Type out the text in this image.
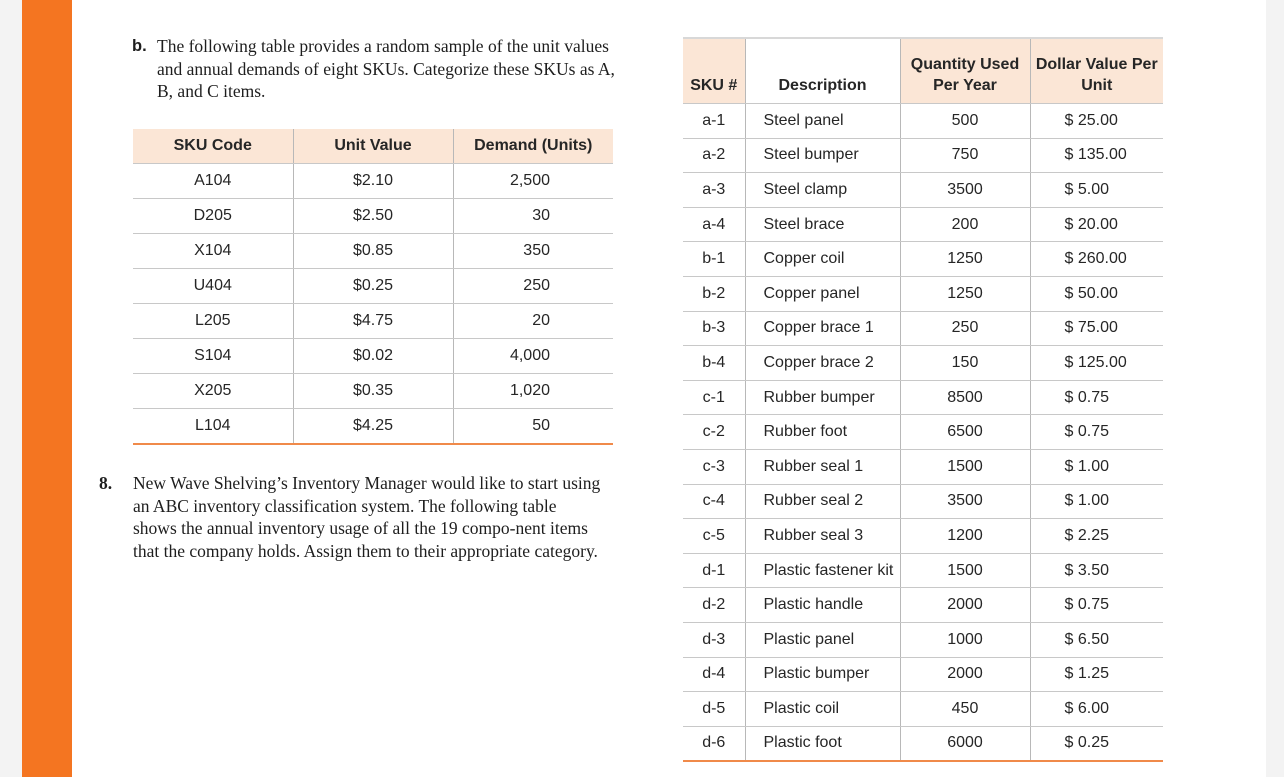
b. The following table provides a random sample of the unit values and annual demands of eight SKUs. Categorize these SKUs as A, B, and C items.
SKU Code	Unit Value	Demand (Units)
A104	$2.10	2,500
D205	$2.50	30
X104	$0.85	350
U404	$0.25	250
L205	$4.75	20
S104	$0.02	4,000
X205	$0.35	1,020
L104	$4.25	50
8. New Wave Shelving’s Inventory Manager would like to start using an ABC inventory classification system. The following table shows the annual inventory usage of all the 19 compo-nent items that the company holds. Assign them to their appropriate category.
SKU #	Description	Quantity Used Per Year	Dollar Value Per Unit
a-1	Steel panel	500	$ 25.00
a-2	Steel bumper	750	$ 135.00
a-3	Steel clamp	3500	$ 5.00
a-4	Steel brace	200	$ 20.00
b-1	Copper coil	1250	$ 260.00
b-2	Copper panel	1250	$ 50.00
b-3	Copper brace 1	250	$ 75.00
b-4	Copper brace 2	150	$ 125.00
c-1	Rubber bumper	8500	$ 0.75
c-2	Rubber foot	6500	$ 0.75
c-3	Rubber seal 1	1500	$ 1.00
c-4	Rubber seal 2	3500	$ 1.00
c-5	Rubber seal 3	1200	$ 2.25
d-1	Plastic fastener kit	1500	$ 3.50
d-2	Plastic handle	2000	$ 0.75
d-3	Plastic panel	1000	$ 6.50
d-4	Plastic bumper	2000	$ 1.25
d-5	Plastic coil	450	$ 6.00
d-6	Plastic foot	6000	$ 0.25
